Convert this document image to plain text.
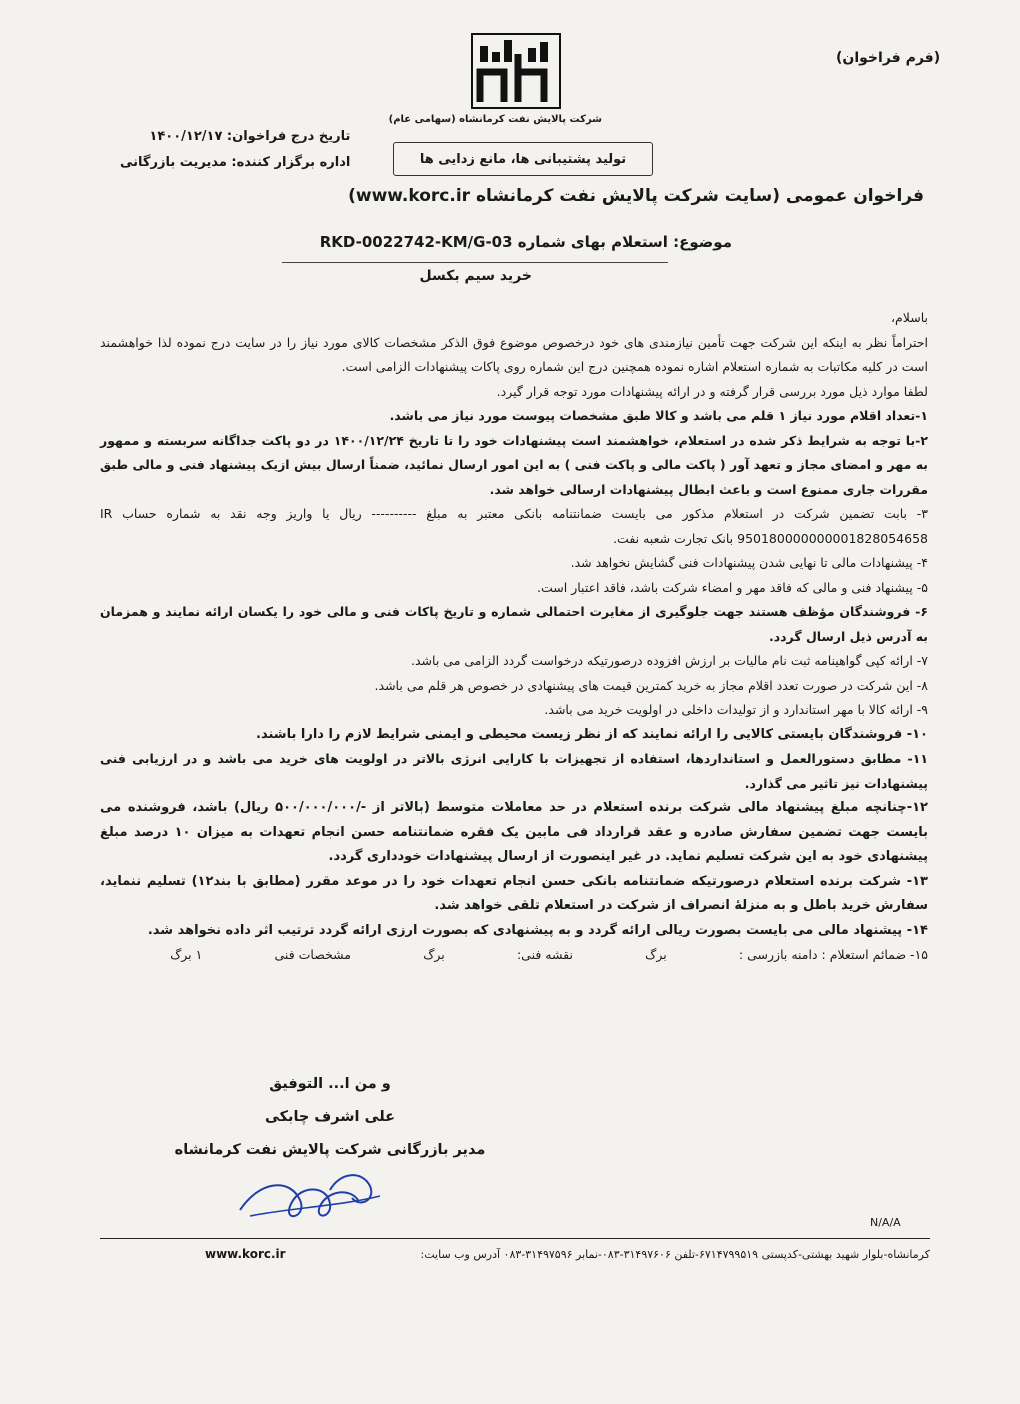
(فرم فراخوان)
شرکت پالایش نفت کرمانشاه (سهامی عام)
تولید پشتیبانی ها، مانع زدایی ها
تاریخ درج فراخوان: ۱۴۰۰/۱۲/۱۷
اداره برگزار کننده: مدیریت بازرگانی
فراخوان عمومی (سایت شرکت پالایش نفت کرمانشاه www.korc.ir)
موضوع: استعلام بهای شماره RKD-0022742-KM/G-03
خرید سیم بکسل

باسلام،

احتراماً نظر به اینکه این شرکت جهت تأمین نیازمندی های خود درخصوص موضوع فوق الذکر مشخصات کالای مورد نیاز را در سایت درج نموده لذا خواهشمند است در کلیه مکاتبات به شماره استعلام اشاره نموده همچنین درج این شماره روی پاکات پیشنهادات الزامی است.

لطفا موارد ذیل مورد بررسی قرار گرفته و در ارائه پیشنهادات مورد توجه قرار گیرد.

۱-تعداد اقلام مورد نیاز ۱ قلم می باشد و کالا طبق مشخصات پیوست مورد نیاز می باشد.

۲-با توجه به شرایط ذکر شده در استعلام، خواهشمند است پیشنهادات خود را تا تاریخ ۱۴۰۰/۱۲/۲۴ در دو پاکت جداگانه سربسته و ممهور به مهر و امضای مجاز و تعهد آور ( پاکت مالی و پاکت فنی ) به این امور ارسال نمائید، ضمناً ارسال بیش ازیک پیشنهاد فنی و مالی طبق مقررات جاری ممنوع است و باعث ابطال پیشنهادات ارسالی خواهد شد.

۳- بابت تضمین شرکت در استعلام مذکور می بایست ضمانتنامه بانکی معتبر به مبلغ ---------- ریال یا واریز وجه نقد به شماره حساب IR 950180000000001828054658 بانک تجارت شعبه نفت.

۴- پیشنهادات مالی تا نهایی شدن پیشنهادات فنی گشایش نخواهد شد.

۵- پیشنهاد فنی و مالی که فاقد مهر و امضاء شرکت باشد، فاقد اعتبار است.

۶- فروشندگان مؤظف هستند جهت جلوگیری از مغایرت احتمالی شماره و تاریخ پاکات فنی و مالی خود را یکسان ارائه نمایند و همزمان به آدرس ذیل ارسال گردد.

۷- ارائه کپی گواهینامه ثبت نام مالیات بر ارزش افزوده درصورتیکه درخواست گردد الزامی می باشد.

۸- این شرکت در صورت تعدد اقلام مجاز به خرید کمترین قیمت های پیشنهادی در خصوص هر قلم می باشد.

۹- ارائه کالا با مهر استاندارد و از تولیدات داخلی در اولویت خرید می باشد.

۱۰- فروشندگان بایستی کالایی را ارائه نمایند که از نظر زیست محیطی و ایمنی شرایط لازم را دارا باشند.

۱۱- مطابق دستورالعمل و استانداردها، استفاده از تجهیزات با کارایی انرژی بالاتر در اولویت های خرید می باشد و در ارزیابی فنی پیشنهادات نیز تاثیر می گذارد.

۱۲-چنانچه مبلغ پیشنهاد مالی شرکت برنده استعلام در حد معاملات متوسط (بالاتر از -/۵۰۰/۰۰۰/۰۰۰ ریال) باشد، فروشنده می بایست جهت تضمین سفارش صادره و عقد قرارداد فی مابین یک فقره ضمانتنامه حسن انجام تعهدات به میزان ۱۰ درصد مبلغ پیشنهادی خود به این شرکت تسلیم نماید. در غیر اینصورت از ارسال پیشنهادات خودداری گردد.

۱۳- شرکت برنده استعلام درصورتیکه ضمانتنامه بانکی حسن انجام تعهدات خود را در موعد مقرر (مطابق با بند۱۲) تسلیم ننماید، سفارش خرید باطل و به منزلهٔ انصراف از شرکت در استعلام تلقی خواهد شد.

۱۴- پیشنهاد مالی می بایست بصورت ریالی ارائه گردد و به پیشنهادی که بصورت ارزی ارائه گردد ترتیب اثر داده نخواهد شد.

۱۵- ضمائم استعلام : دامنه بازرسی :
برگ
نقشه فنی:
برگ
مشخصات فنی
۱ برگ
و من ا... التوفیق
علی اشرف چابکی
مدیر بازرگانی شرکت پالایش نفت کرمانشاه
N/A/A
کرمانشاه-بلوار شهید بهشتی-کدپستی ۶۷۱۴۷۹۹۵۱۹-تلفن ۳۱۴۹۷۶۰۶-۰۸۳-نمابر ۳۱۴۹۷۵۹۶-۰۸۳ آدرس وب سایت:
www.korc.ir
